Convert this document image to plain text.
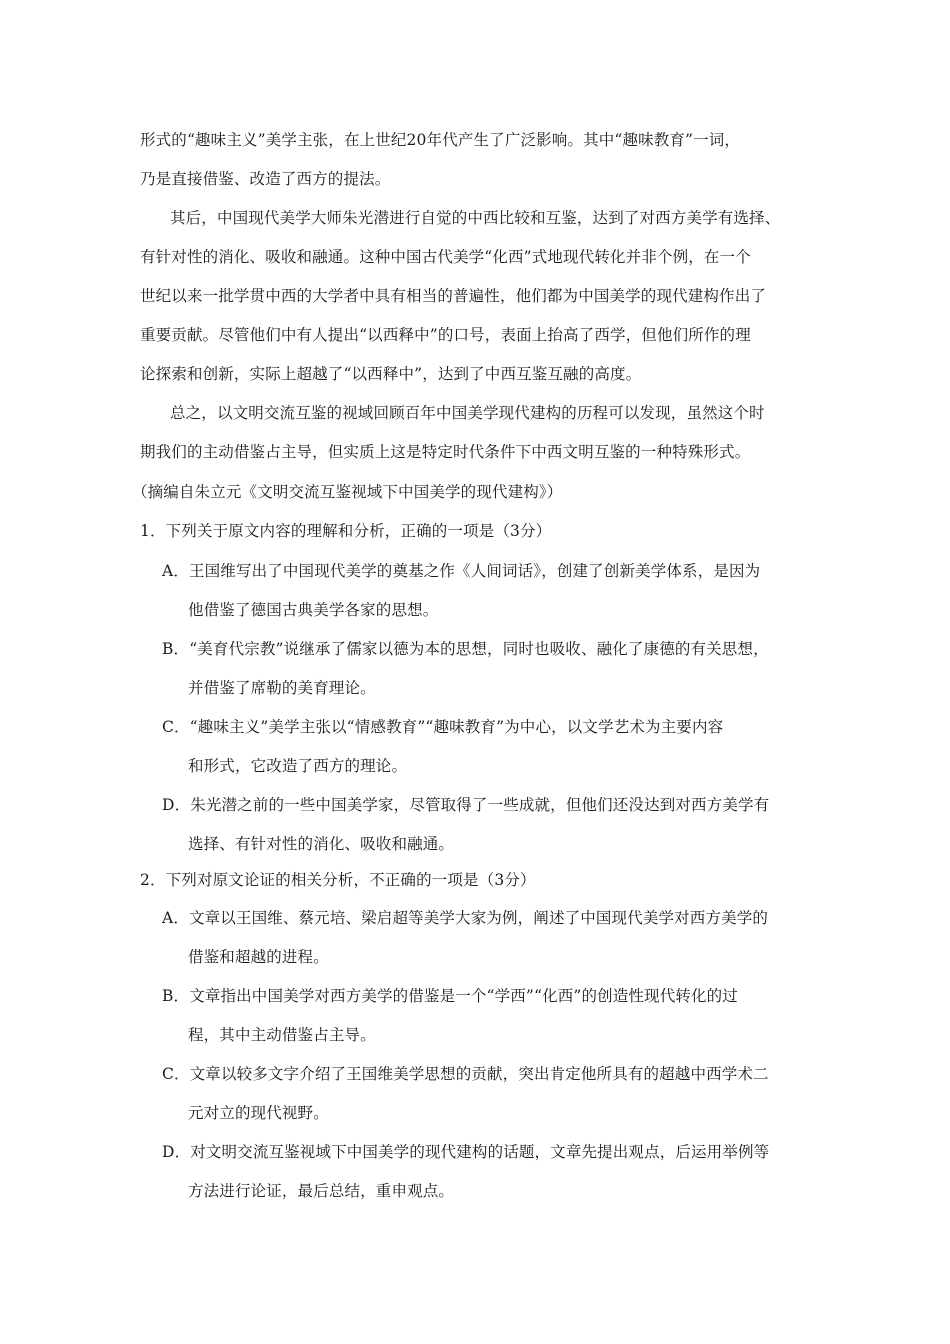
形式的“趣味主义”美学主张，在上世纪20年代产生了广泛影响。其中“趣味教育”一词，
乃是直接借鉴、改造了西方的提法。
其后，中国现代美学大师朱光潜进行自觉的中西比较和互鉴，达到了对西方美学有选择、
有针对性的消化、吸收和融通。这种中国古代美学“化西”式地现代转化并非个例，在一个
世纪以来一批学贯中西的大学者中具有相当的普遍性，他们都为中国美学的现代建构作出了
重要贡献。尽管他们中有人提出“以西释中”的口号，表面上抬高了西学，但他们所作的理
论探索和创新，实际上超越了“以西释中”，达到了中西互鉴互融的高度。
总之，以文明交流互鉴的视域回顾百年中国美学现代建构的历程可以发现，虽然这个时
期我们的主动借鉴占主导，但实质上这是特定时代条件下中西文明互鉴的一种特殊形式。
（摘编自朱立元《文明交流互鉴视域下中国美学的现代建构》）
1．下列关于原文内容的理解和分析，正确的一项是（3分）
A．王国维写出了中国现代美学的奠基之作《人间词话》，创建了创新美学体系，是因为
他借鉴了德国古典美学各家的思想。
B．“美育代宗教”说继承了儒家以德为本的思想，同时也吸收、融化了康德的有关思想，
并借鉴了席勒的美育理论。
C．“趣味主义”美学主张以“情感教育”“趣味教育”为中心，以文学艺术为主要内容
和形式，它改造了西方的理论。
D．朱光潜之前的一些中国美学家，尽管取得了一些成就，但他们还没达到对西方美学有
选择、有针对性的消化、吸收和融通。
2．下列对原文论证的相关分析，不正确的一项是（3分）
A．文章以王国维、蔡元培、梁启超等美学大家为例，阐述了中国现代美学对西方美学的
借鉴和超越的进程。
B．文章指出中国美学对西方美学的借鉴是一个“学西”“化西”的创造性现代转化的过
程，其中主动借鉴占主导。
C．文章以较多文字介绍了王国维美学思想的贡献，突出肯定他所具有的超越中西学术二
元对立的现代视野。
D．对文明交流互鉴视域下中国美学的现代建构的话题，文章先提出观点，后运用举例等
方法进行论证，最后总结，重申观点。
